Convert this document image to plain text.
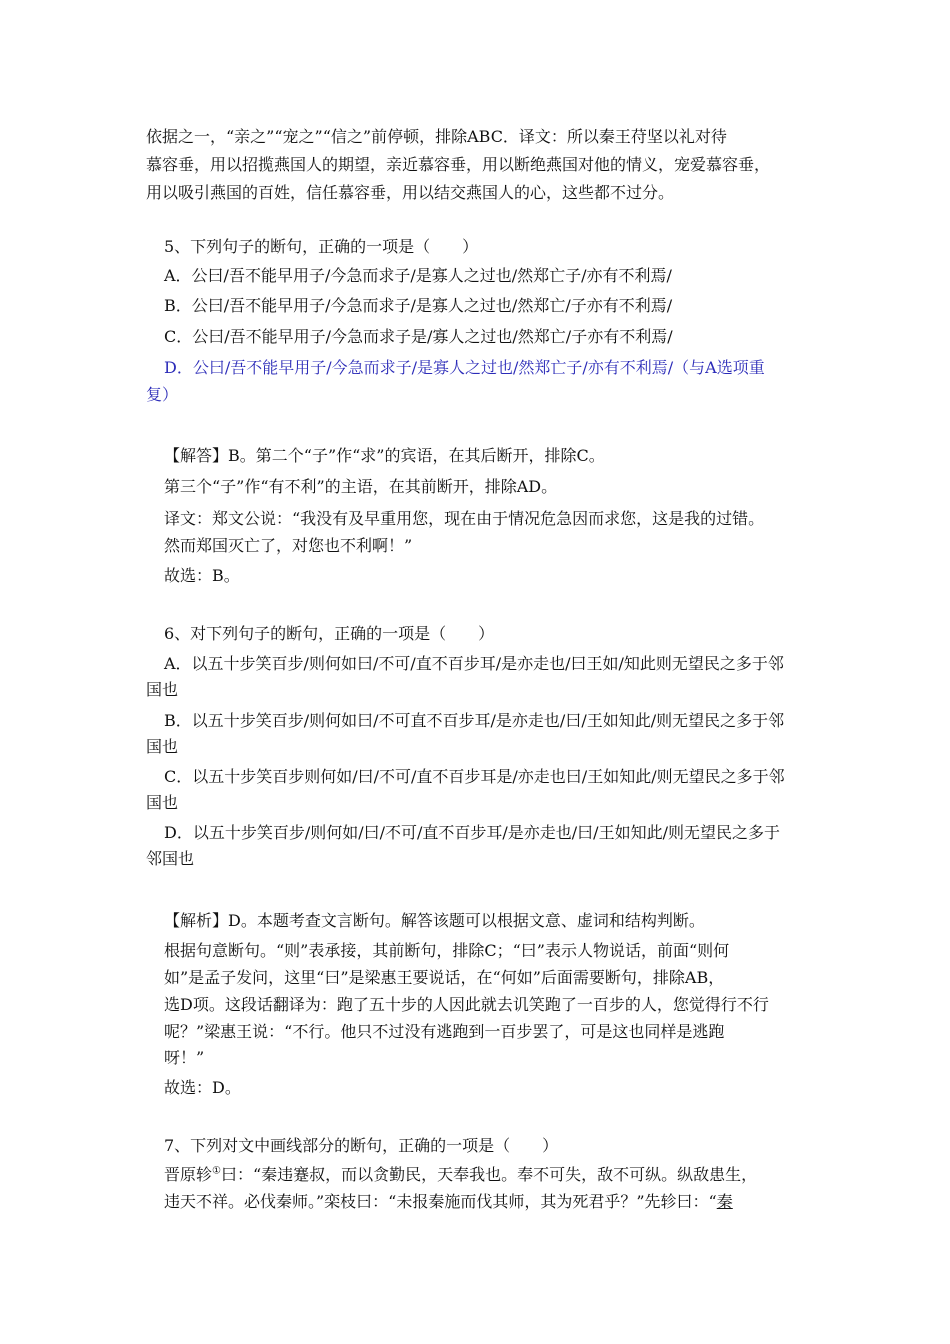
依据之一，“亲之”“宠之”“信之”前停顿，排除ABC．译文：所以秦王苻坚以礼对待

慕容垂，用以招揽燕国人的期望，亲近慕容垂，用以断绝燕国对他的情义，宠爱慕容垂，

用以吸引燕国的百姓，信任慕容垂，用以结交燕国人的心，这些都不过分。

5、下列句子的断句，正确的一项是（　　）

A．公曰/吾不能早用子/今急而求子/是寡人之过也/然郑亡子/亦有不利焉/

B．公曰/吾不能早用子/今急而求子/是寡人之过也/然郑亡/子亦有不利焉/

C．公曰/吾不能早用子/今急而求子是/寡人之过也/然郑亡/子亦有不利焉/

D．公曰/吾不能早用子/今急而求子/是寡人之过也/然郑亡子/亦有不利焉/（与A选项重

复）

【解答】B。第二个“子”作“求”的宾语，在其后断开，排除C。

第三个“子”作“有不利”的主语，在其前断开，排除AD。

译文：郑文公说：“我没有及早重用您，现在由于情况危急因而求您，这是我的过错。

然而郑国灭亡了，对您也不利啊！”

故选：B。

6、对下列句子的断句，正确的一项是（　　）

A．以五十步笑百步/则何如曰/不可/直不百步耳/是亦走也/曰王如/知此则无望民之多于邻

国也

B．以五十步笑百步/则何如曰/不可直不百步耳/是亦走也/曰/王如知此/则无望民之多于邻

国也

C．以五十步笑百步则何如/曰/不可/直不百步耳是/亦走也曰/王如知此/则无望民之多于邻

国也

D．以五十步笑百步/则何如/曰/不可/直不百步耳/是亦走也/曰/王如知此/则无望民之多于

邻国也

【解析】D。本题考查文言断句。解答该题可以根据文意、虚词和结构判断。

根据句意断句。“则”表承接，其前断句，排除C；“曰”表示人物说话，前面“则何

如”是孟子发问，这里“曰”是梁惠王要说话，在“何如”后面需要断句，排除AB，

选D项。这段话翻译为：跑了五十步的人因此就去讥笑跑了一百步的人，您觉得行不行

呢？”梁惠王说：“不行。他只不过没有逃跑到一百步罢了，可是这也同样是逃跑

呀！”

故选：D。

7、下列对文中画线部分的断句，正确的一项是（　　）

晋原轸①曰：“秦违蹇叔，而以贪勤民，天奉我也。奉不可失，敌不可纵。纵敌患生，

违天不祥。必伐秦师。”栾枝曰：“未报秦施而伐其师，其为死君乎？”先轸曰：“秦
